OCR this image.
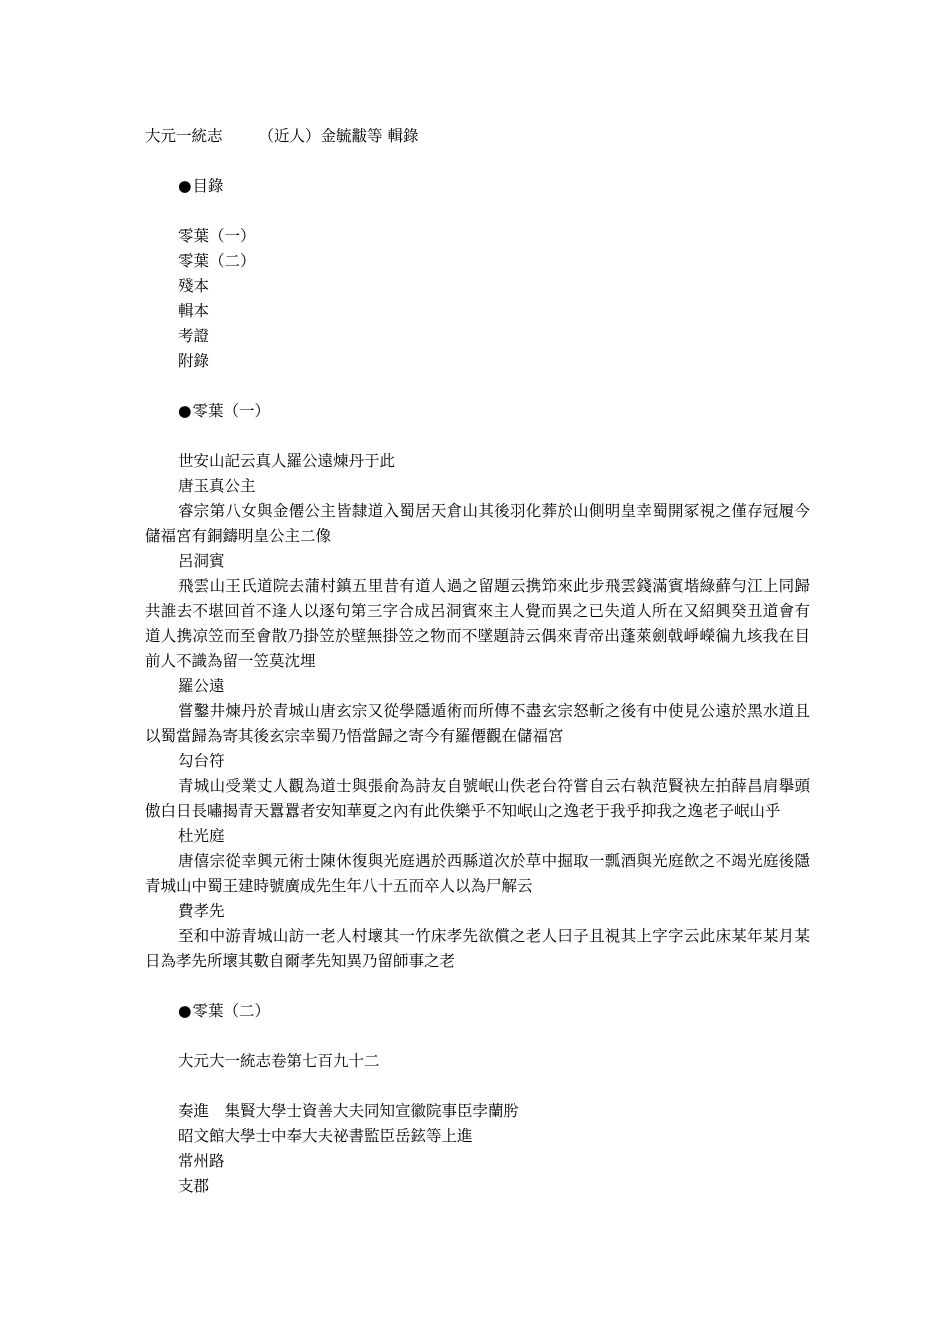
大元一統志 （近人）金毓黻等 輯錄
●目錄
零葉（一）
零葉（二）
殘本
輯本
考證
附錄
●零葉（一）
世安山記云真人羅公遠煉丹于此
唐玉真公主
睿宗第八女與金僊公主皆隸道入蜀居天倉山其後羽化葬於山側明皇幸蜀開冢視之僅存冠履今儲福宮有銅鑄明皇公主二像
呂洞賓
飛雲山王氏道院去蒲村鎮五里昔有道人過之留題云携笻來此步飛雲錢滿賓堦綠蘚勻江上同歸共誰去不堪回首不逢人以逐句第三字合成呂洞賓來主人覺而異之已失道人所在又紹興癸丑道會有道人携凉笠而至會散乃掛笠於壁無掛笠之物而不墜題詩云偶來青帝出蓬萊劍戟崢嶸徧九垓我在目前人不識為留一笠莫沈埋
羅公遠
嘗鑿井煉丹於青城山唐玄宗又從學隱遁術而所傳不盡玄宗怒斬之後有中使見公遠於黑水道且以蜀當歸為寄其後玄宗幸蜀乃悟當歸之寄今有羅僊觀在儲福宮
勾台符
青城山受業丈人觀為道士與張俞為詩友自號岷山佚老台符嘗自云右執范賢袂左拍薛昌肩擧頭傲白日長嘯揭青天囂囂者安知華夏之內有此佚樂乎不知岷山之逸老于我乎抑我之逸老子岷山乎
杜光庭
唐僖宗從幸興元術士陳休復與光庭遇於西縣道次於草中掘取一瓢酒與光庭飲之不竭光庭後隱青城山中蜀王建時號廣成先生年八十五而卒人以為尸解云
費孝先
至和中游青城山訪一老人村壞其一竹床孝先欲償之老人曰子且視其上字字云此床某年某月某日為孝先所壞其數自爾孝先知異乃留師事之老
●零葉（二）
大元大一統志卷第七百九十二
奏進　集賢大學士資善大夫同知宣徽院事臣孛蘭肹
昭文館大學士中奉大夫祕書監臣岳鉉等上進
常州路
支郡
